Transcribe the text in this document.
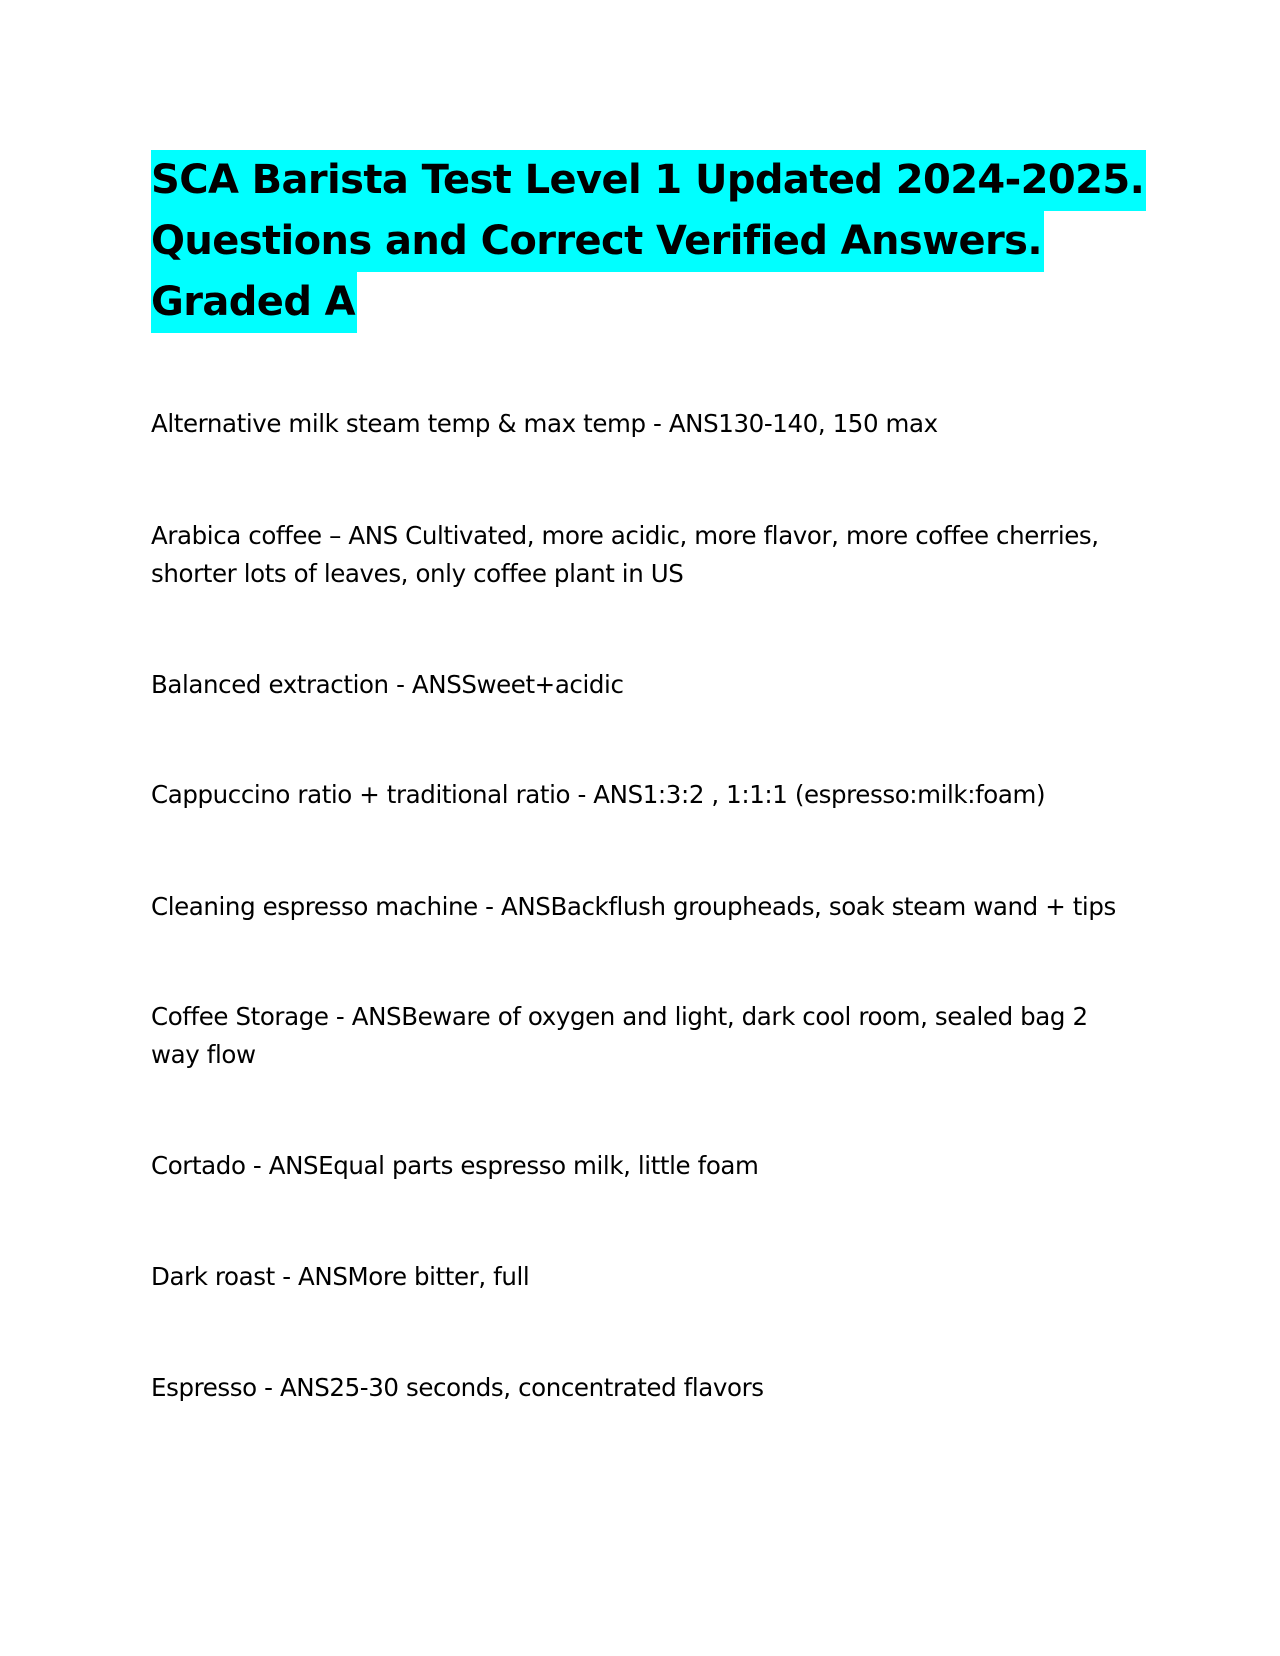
SCA Barista Test Level 1 Updated 2024-2025.
Questions and Correct Verified Answers.
Graded A
Alternative milk steam temp & max temp - ANS130-140, 150 max
Arabica coffee – ANS Cultivated, more acidic, more flavor, more coffee cherries, shorter lots of leaves, only coffee plant in US
Balanced extraction - ANSSweet+acidic
Cappuccino ratio + traditional ratio - ANS1:3:2 , 1:1:1 (espresso:milk:foam)
Cleaning espresso machine - ANSBackflush groupheads, soak steam wand + tips
Coffee Storage - ANSBeware of oxygen and light, dark cool room, sealed bag 2 way flow
Cortado - ANSEqual parts espresso milk, little foam
Dark roast - ANSMore bitter, full
Espresso - ANS25-30 seconds, concentrated flavors
